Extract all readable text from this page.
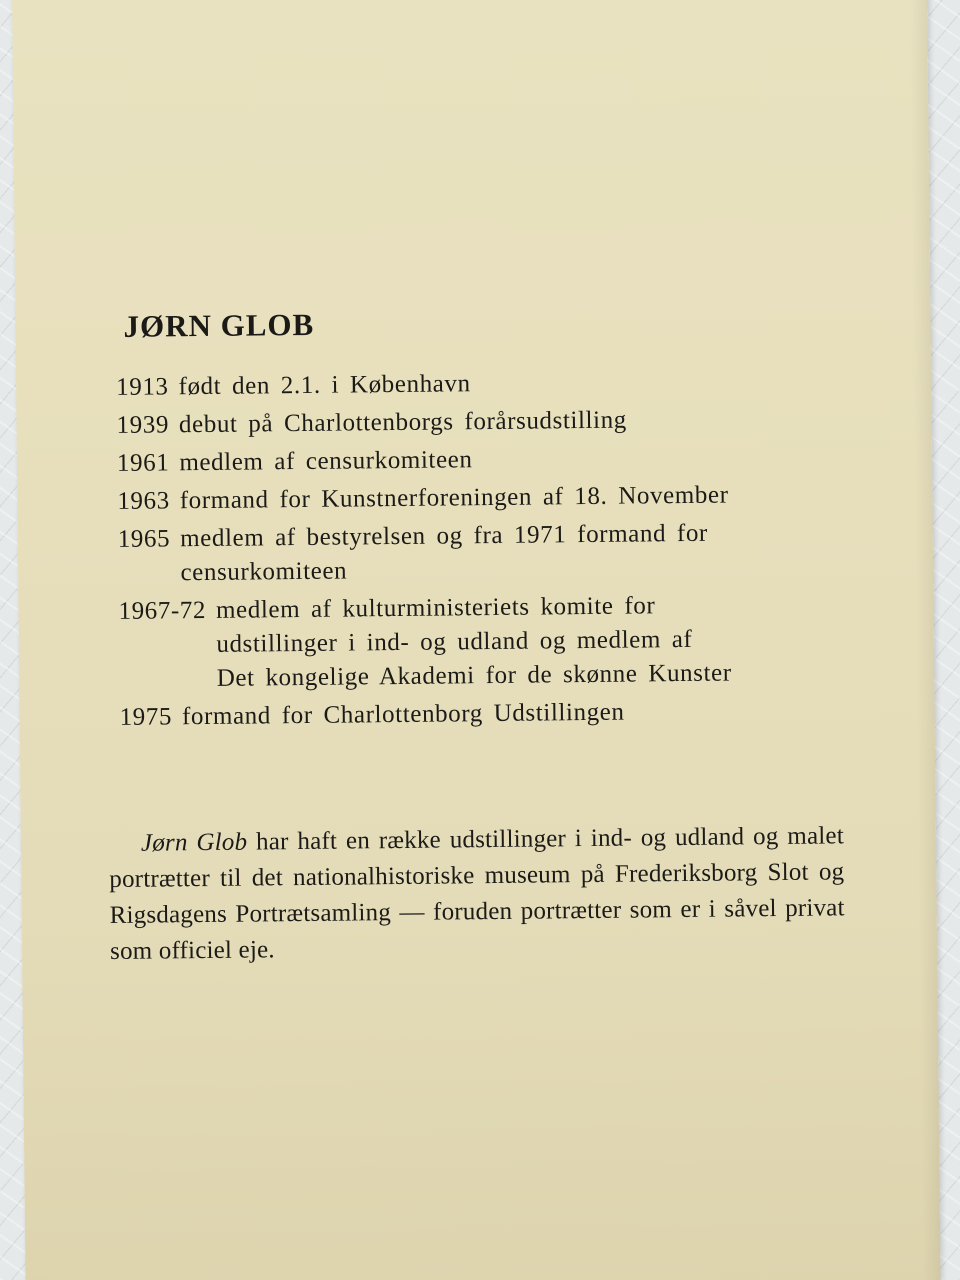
JØRN GLOB
1913 født den 2.1. i København
1939 debut på Charlottenborgs forårsudstilling
1961 medlem af censurkomiteen
1963 formand for Kunstnerforeningen af 18. November
1965 medlem af bestyrelsen og fra 1971 formand for
censurkomiteen
1967-72 medlem af kulturministeriets komite for
udstillinger i ind- og udland og medlem af
Det kongelige Akademi for de skønne Kunster
1975 formand for Charlottenborg Udstillingen

Jørn Glob har haft en række udstillinger i ind- og udland og malet portrætter til det nationalhistoriske museum på Frederiksborg Slot og Rigsdagens Portrætsamling — foruden portrætter som er i såvel privat som officiel eje.
